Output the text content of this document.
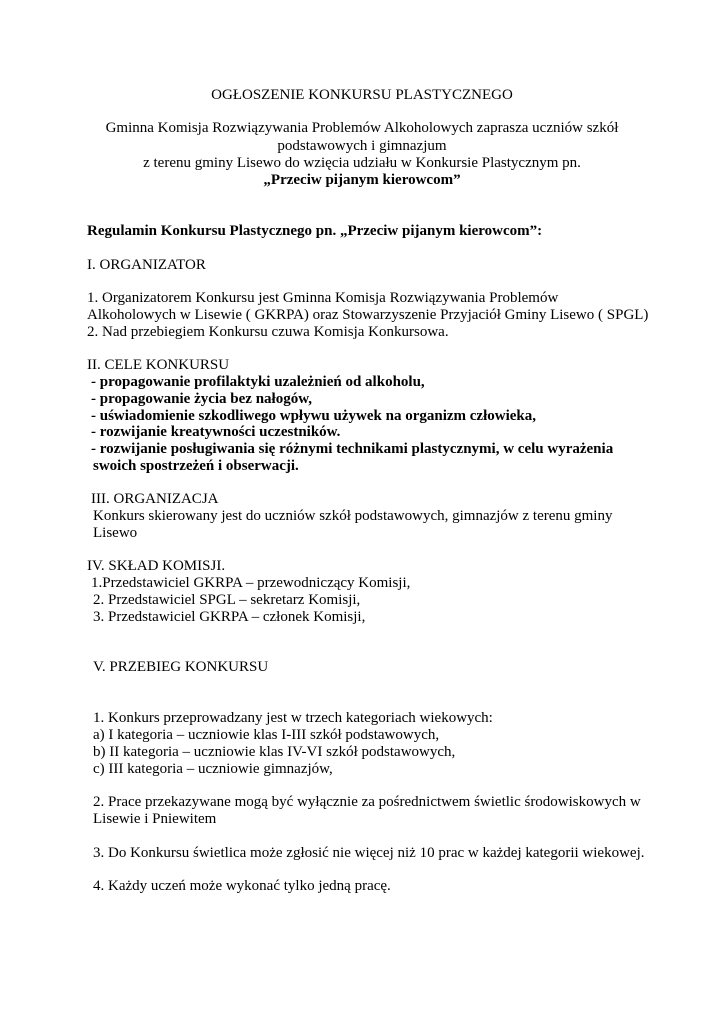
OGŁOSZENIE KONKURSU PLASTYCZNEGO
Gminna Komisja Rozwiązywania Problemów Alkoholowych zaprasza uczniów szkół
podstawowych i gimnazjum
z terenu gminy Lisewo do wzięcia udziału w Konkursie Plastycznym pn.
„Przeciw pijanym kierowcom”
Regulamin Konkursu Plastycznego pn. „Przeciw pijanym kierowcom”:
I. ORGANIZATOR
1. Organizatorem Konkursu jest Gminna Komisja Rozwiązywania Problemów
Alkoholowych w Lisewie ( GKRPA) oraz Stowarzyszenie Przyjaciół Gminy Lisewo ( SPGL)
2. Nad przebiegiem Konkursu czuwa Komisja Konkursowa.
II. CELE KONKURSU
- propagowanie profilaktyki uzależnień od alkoholu,
- propagowanie życia bez nałogów,
- uświadomienie szkodliwego wpływu używek na organizm człowieka,
- rozwijanie kreatywności uczestników.
- rozwijanie posługiwania się różnymi technikami plastycznymi, w celu wyrażenia
swoich spostrzeżeń i obserwacji.
III. ORGANIZACJA
Konkurs skierowany jest do uczniów szkół podstawowych, gimnazjów z terenu gminy
Lisewo
IV. SKŁAD KOMISJI.
1.Przedstawiciel GKRPA – przewodniczący Komisji,
2. Przedstawiciel SPGL – sekretarz Komisji,
3. Przedstawiciel GKRPA – członek Komisji,
V. PRZEBIEG KONKURSU
1. Konkurs przeprowadzany jest w trzech kategoriach wiekowych:
a) I kategoria – uczniowie klas I-III szkół podstawowych,
b) II kategoria – uczniowie klas IV-VI szkół podstawowych,
c) III kategoria – uczniowie gimnazjów,
2. Prace przekazywane mogą być wyłącznie za pośrednictwem świetlic środowiskowych w
Lisewie i Pniewitem
3. Do Konkursu świetlica może zgłosić nie więcej niż 10 prac w każdej kategorii wiekowej.
4. Każdy uczeń może wykonać tylko jedną pracę.
